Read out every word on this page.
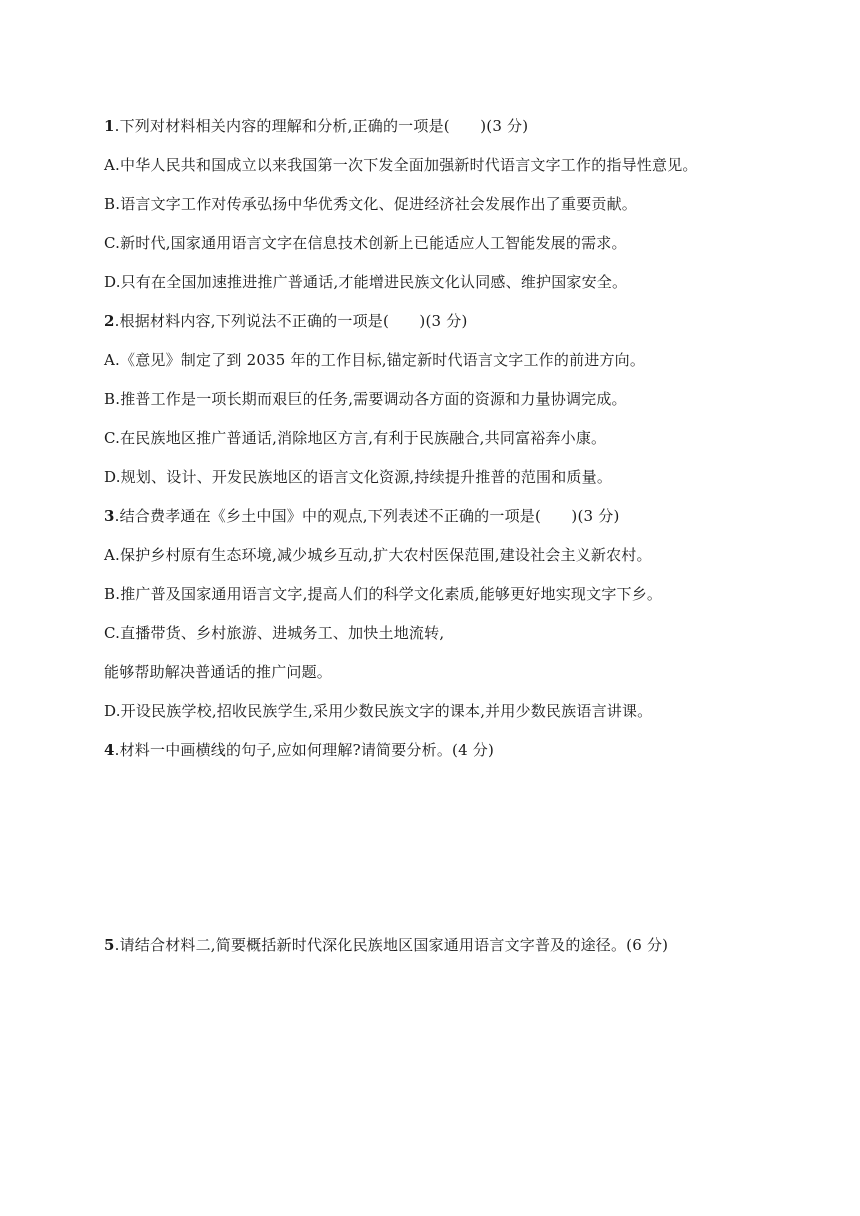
1.下列对材料相关内容的理解和分析,正确的一项是(　　)(3 分)
A.中华人民共和国成立以来我国第一次下发全面加强新时代语言文字工作的指导性意见。
B.语言文字工作对传承弘扬中华优秀文化、促进经济社会发展作出了重要贡献。
C.新时代,国家通用语言文字在信息技术创新上已能适应人工智能发展的需求。
D.只有在全国加速推进推广普通话,才能增进民族文化认同感、维护国家安全。
2.根据材料内容,下列说法不正确的一项是(　　)(3 分)
A.《意见》制定了到 2035 年的工作目标,锚定新时代语言文字工作的前进方向。
B.推普工作是一项长期而艰巨的任务,需要调动各方面的资源和力量协调完成。
C.在民族地区推广普通话,消除地区方言,有利于民族融合,共同富裕奔小康。
D.规划、设计、开发民族地区的语言文化资源,持续提升推普的范围和质量。
3.结合费孝通在《乡土中国》中的观点,下列表述不正确的一项是(　　)(3 分)
A.保护乡村原有生态环境,减少城乡互动,扩大农村医保范围,建设社会主义新农村。
B.推广普及国家通用语言文字,提高人们的科学文化素质,能够更好地实现文字下乡。
C.直播带货、乡村旅游、进城务工、加快土地流转,
能够帮助解决普通话的推广问题。
D.开设民族学校,招收民族学生,采用少数民族文字的课本,并用少数民族语言讲课。
4.材料一中画横线的句子,应如何理解?请简要分析。(4 分)
5.请结合材料二,简要概括新时代深化民族地区国家通用语言文字普及的途径。(6 分)
